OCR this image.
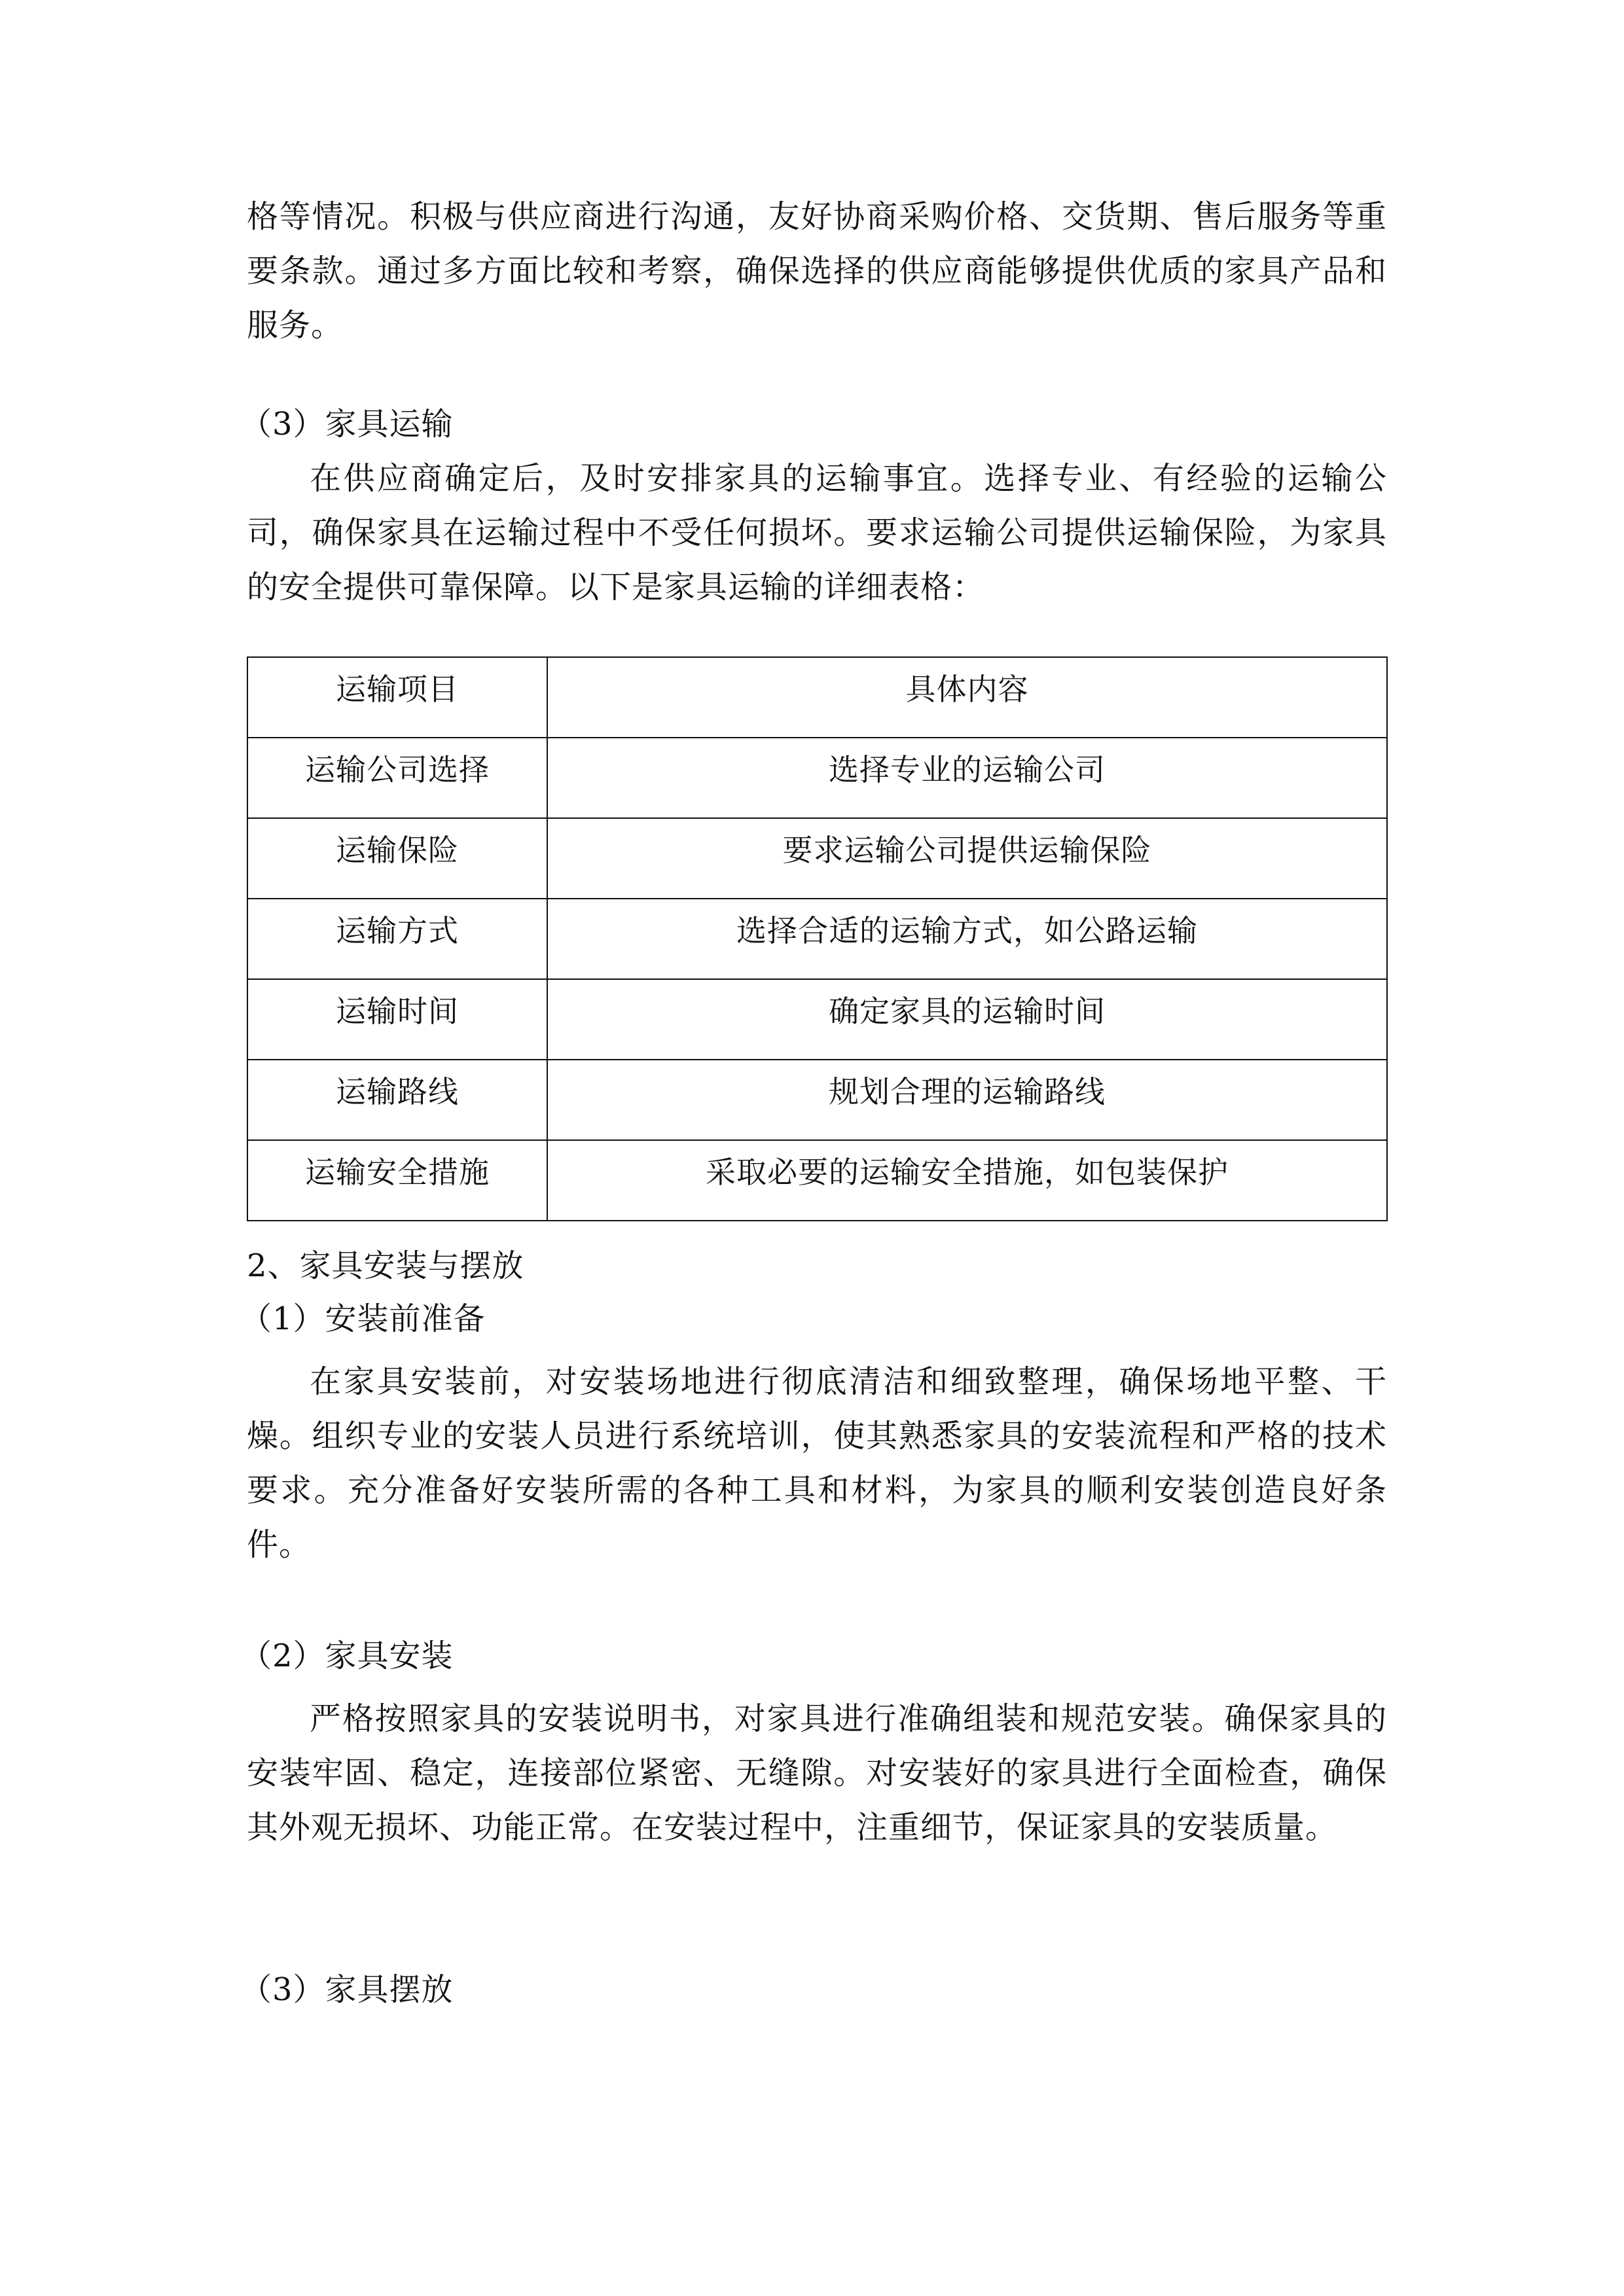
格等情况。积极与供应商进行沟通，友好协商采购价格、交货期、售后服务等重要条款。通过多方面比较和考察，确保选择的供应商能够提供优质的家具产品和服务。

（3）家具运输

在供应商确定后，及时安排家具的运输事宜。选择专业、有经验的运输公司，确保家具在运输过程中不受任何损坏。要求运输公司提供运输保险，为家具的安全提供可靠保障。以下是家具运输的详细表格：

运输项目	具体内容

运输公司选择	选择专业的运输公司

运输保险	要求运输公司提供运输保险

运输方式	选择合适的运输方式，如公路运输

运输时间	确定家具的运输时间

运输路线	规划合理的运输路线

运输安全措施	采取必要的运输安全措施，如包装保护

2、家具安装与摆放

（1）安装前准备

在家具安装前，对安装场地进行彻底清洁和细致整理，确保场地平整、干燥。组织专业的安装人员进行系统培训，使其熟悉家具的安装流程和严格的技术要求。充分准备好安装所需的各种工具和材料，为家具的顺利安装创造良好条件。

（2）家具安装

严格按照家具的安装说明书，对家具进行准确组装和规范安装。确保家具的安装牢固、稳定，连接部位紧密、无缝隙。对安装好的家具进行全面检查，确保其外观无损坏、功能正常。在安装过程中，注重细节，保证家具的安装质量。

（3）家具摆放
